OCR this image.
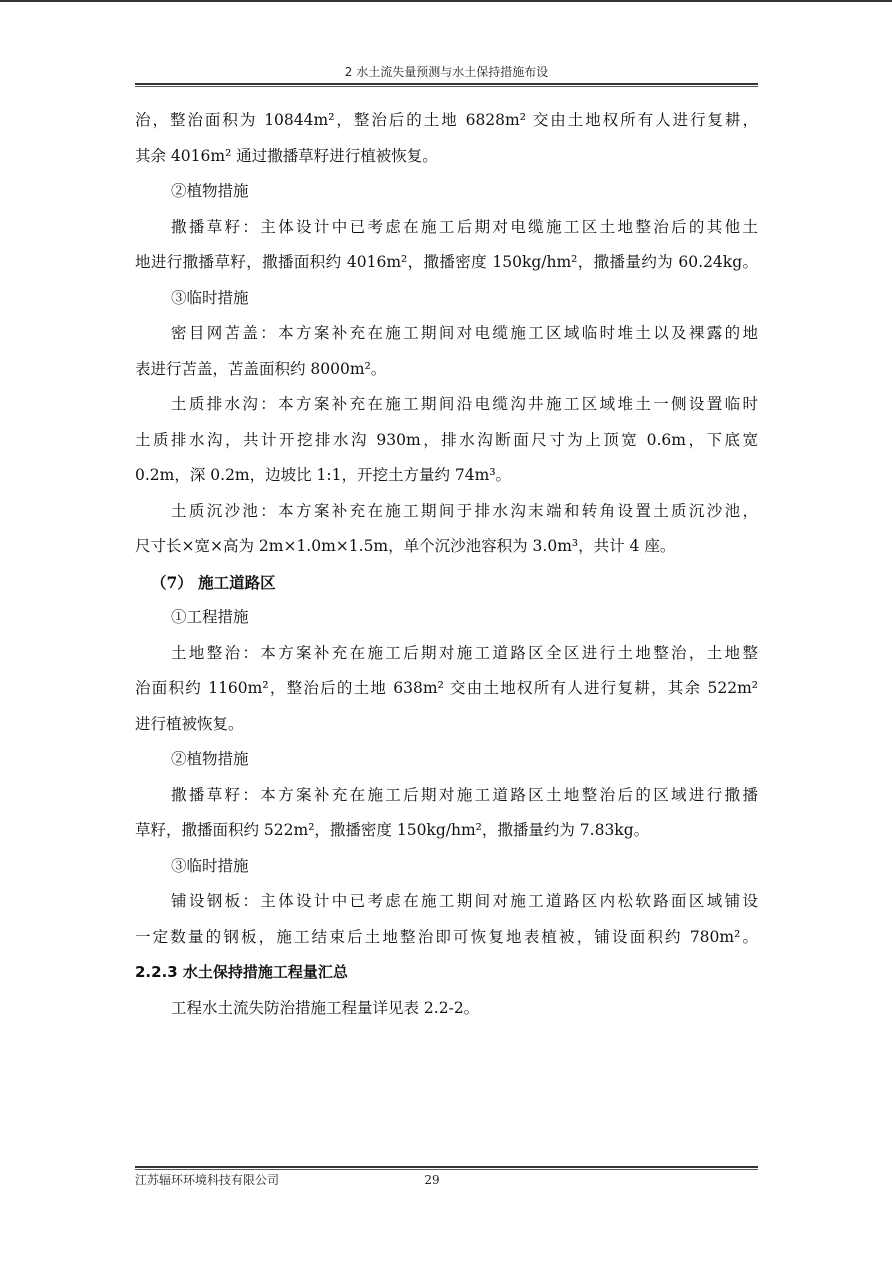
2 水土流失量预测与水土保持措施布设
治，整治面积为 10844m²，整治后的土地 6828m² 交由土地权所有人进行复耕，
其余 4016m² 通过撒播草籽进行植被恢复。
②植物措施
撒播草籽：主体设计中已考虑在施工后期对电缆施工区土地整治后的其他土
地进行撒播草籽，撒播面积约 4016m²，撒播密度 150kg/hm²，撒播量约为 60.24kg。
③临时措施
密目网苫盖：本方案补充在施工期间对电缆施工区域临时堆土以及裸露的地
表进行苫盖，苫盖面积约 8000m²。
土质排水沟：本方案补充在施工期间沿电缆沟井施工区域堆土一侧设置临时
土质排水沟，共计开挖排水沟 930m，排水沟断面尺寸为上顶宽 0.6m，下底宽
0.2m，深 0.2m，边坡比 1:1，开挖土方量约 74m³。
土质沉沙池：本方案补充在施工期间于排水沟末端和转角设置土质沉沙池，
尺寸长×宽×高为 2m×1.0m×1.5m，单个沉沙池容积为 3.0m³，共计 4 座。
（7） 施工道路区
①工程措施
土地整治：本方案补充在施工后期对施工道路区全区进行土地整治，土地整
治面积约 1160m²，整治后的土地 638m² 交由土地权所有人进行复耕，其余 522m²
进行植被恢复。
②植物措施
撒播草籽：本方案补充在施工后期对施工道路区土地整治后的区域进行撒播
草籽，撒播面积约 522m²，撒播密度 150kg/hm²，撒播量约为 7.83kg。
③临时措施
铺设钢板：主体设计中已考虑在施工期间对施工道路区内松软路面区域铺设
一定数量的钢板，施工结束后土地整治即可恢复地表植被，铺设面积约 780m²。
2.2.3 水土保持措施工程量汇总
工程水土流失防治措施工程量详见表 2.2-2。
江苏辐环环境科技有限公司	29
